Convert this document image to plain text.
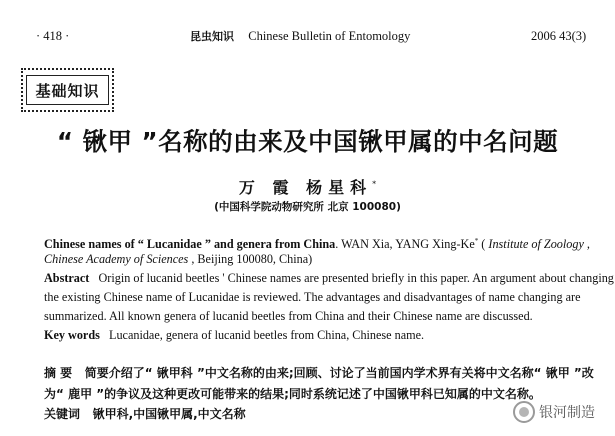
· 418 ·	昆虫知识 Chinese Bulletin of Entomology	2006 43(3)
基础知识
“ 锹甲 ”名称的由来及中国锹甲属的中名问题
万 霞 杨星科*
(中国科学院动物研究所 北京 100080)
Chinese names of “ Lucanidae ” and genera from China. WAN Xia, YANG Xing-Ke* ( Institute of Zoology ,
Chinese Academy of Sciences , Beijing 100080, China)
Abstract Origin of lucanid beetles ' Chinese names are presented briefly in this paper. An argument about changing
the existing Chinese name of Lucanidae is reviewed. The advantages and disadvantages of name changing are
summarized. All known genera of lucanid beetles from China and their Chinese name are discussed.
Key words Lucanidae, genera of lucanid beetles from China, Chinese name.
摘 要 简要介绍了“ 锹甲科 ”中文名称的由来;回顾、讨论了当前国内学术界有关将中文名称“ 锹甲 ”改
为“ 鹿甲 ”的争议及这种更改可能带来的结果;同时系统记述了中国锹甲科已知属的中文名称。
关键词 锹甲科,中国锹甲属,中文名称	银河制造
